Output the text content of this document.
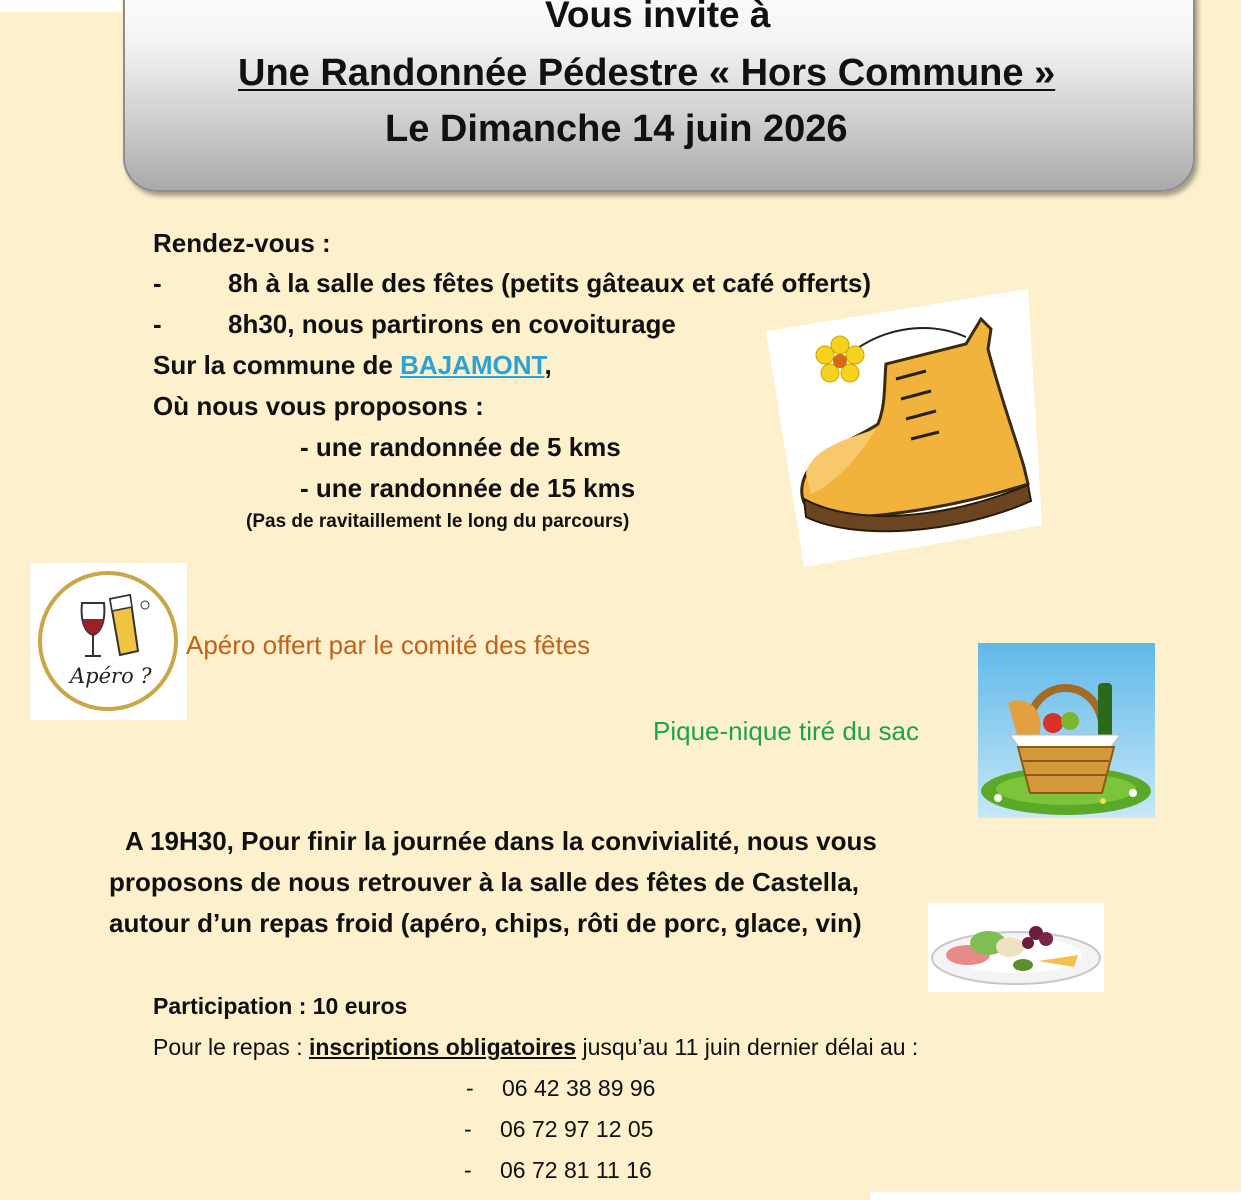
Vous invite à
Une Randonnée Pédestre « Hors Commune »
Le Dimanche 14 juin 2026
Rendez-vous :
-	8h à la salle des fêtes (petits gâteaux et café offerts)
-	8h30, nous partirons en covoiturage
Sur la commune de BAJAMONT,
Où nous vous proposons :
- une randonnée de 5 kms
- une randonnée de 15 kms
(Pas de ravitaillement le long du parcours)
Apéro ?
Apéro offert par le comité des fêtes
Pique-nique tiré du sac
A 19H30, Pour finir la journée dans la convivialité, nous vous
proposons de nous retrouver à la salle des fêtes de Castella,
autour d’un repas froid (apéro, chips, rôti de porc, glace, vin)
Participation : 10 euros
Pour le repas : inscriptions obligatoires jusqu’au 11 juin dernier délai au :
- 06 42 38 89 96
- 06 72 97 12 05
- 06 72 81 11 16
